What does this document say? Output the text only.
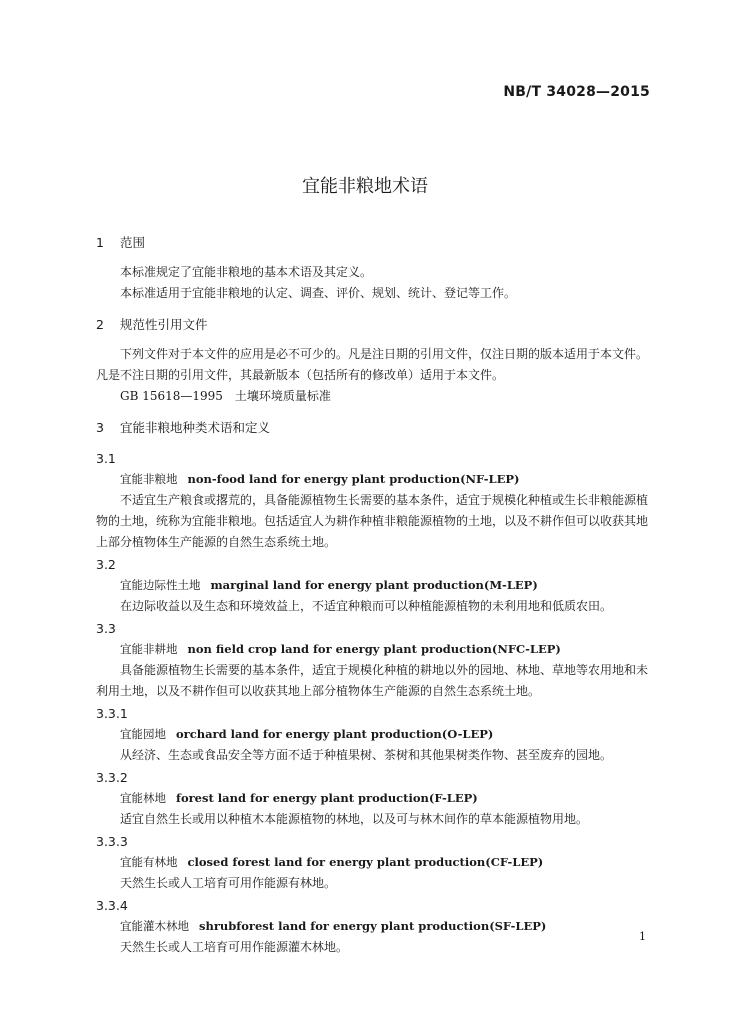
NB/T 34028—2015
宜能非粮地术语
1 范围

本标准规定了宜能非粮地的基本术语及其定义。

本标准适用于宜能非粮地的认定、调查、评价、规划、统计、登记等工作。

2 规范性引用文件

下列文件对于本文件的应用是必不可少的。凡是注日期的引用文件，仅注日期的版本适用于本文件。凡是不注日期的引用文件，其最新版本（包括所有的修改单）适用于本文件。

GB 15618—1995　土壤环境质量标准

3 宜能非粮地种类术语和定义
3.1

宜能非粮地 non-food land for energy plant production(NF-LEP)

不适宜生产粮食或撂荒的，具备能源植物生长需要的基本条件，适宜于规模化种植或生长非粮能源植物的土地，统称为宜能非粮地。包括适宜人为耕作种植非粮能源植物的土地，以及不耕作但可以收获其地上部分植物体生产能源的自然生态系统土地。

3.2

宜能边际性土地 marginal land for energy plant production(M-LEP)

在边际收益以及生态和环境效益上，不适宜种粮而可以种植能源植物的未利用地和低质农田。

3.3

宜能非耕地 non field crop land for energy plant production(NFC-LEP)

具备能源植物生长需要的基本条件，适宜于规模化种植的耕地以外的园地、林地、草地等农用地和未利用土地，以及不耕作但可以收获其地上部分植物体生产能源的自然生态系统土地。

3.3.1

宜能园地 orchard land for energy plant production(O-LEP)

从经济、生态或食品安全等方面不适于种植果树、茶树和其他果树类作物、甚至废弃的园地。

3.3.2

宜能林地 forest land for energy plant production(F-LEP)

适宜自然生长或用以种植木本能源植物的林地，以及可与林木间作的草本能源植物用地。

3.3.3

宜能有林地 closed forest land for energy plant production(CF-LEP)

天然生长或人工培育可用作能源有林地。

3.3.4

宜能灌木林地 shrubforest land for energy plant production(SF-LEP)

天然生长或人工培育可用作能源灌木林地。

1
